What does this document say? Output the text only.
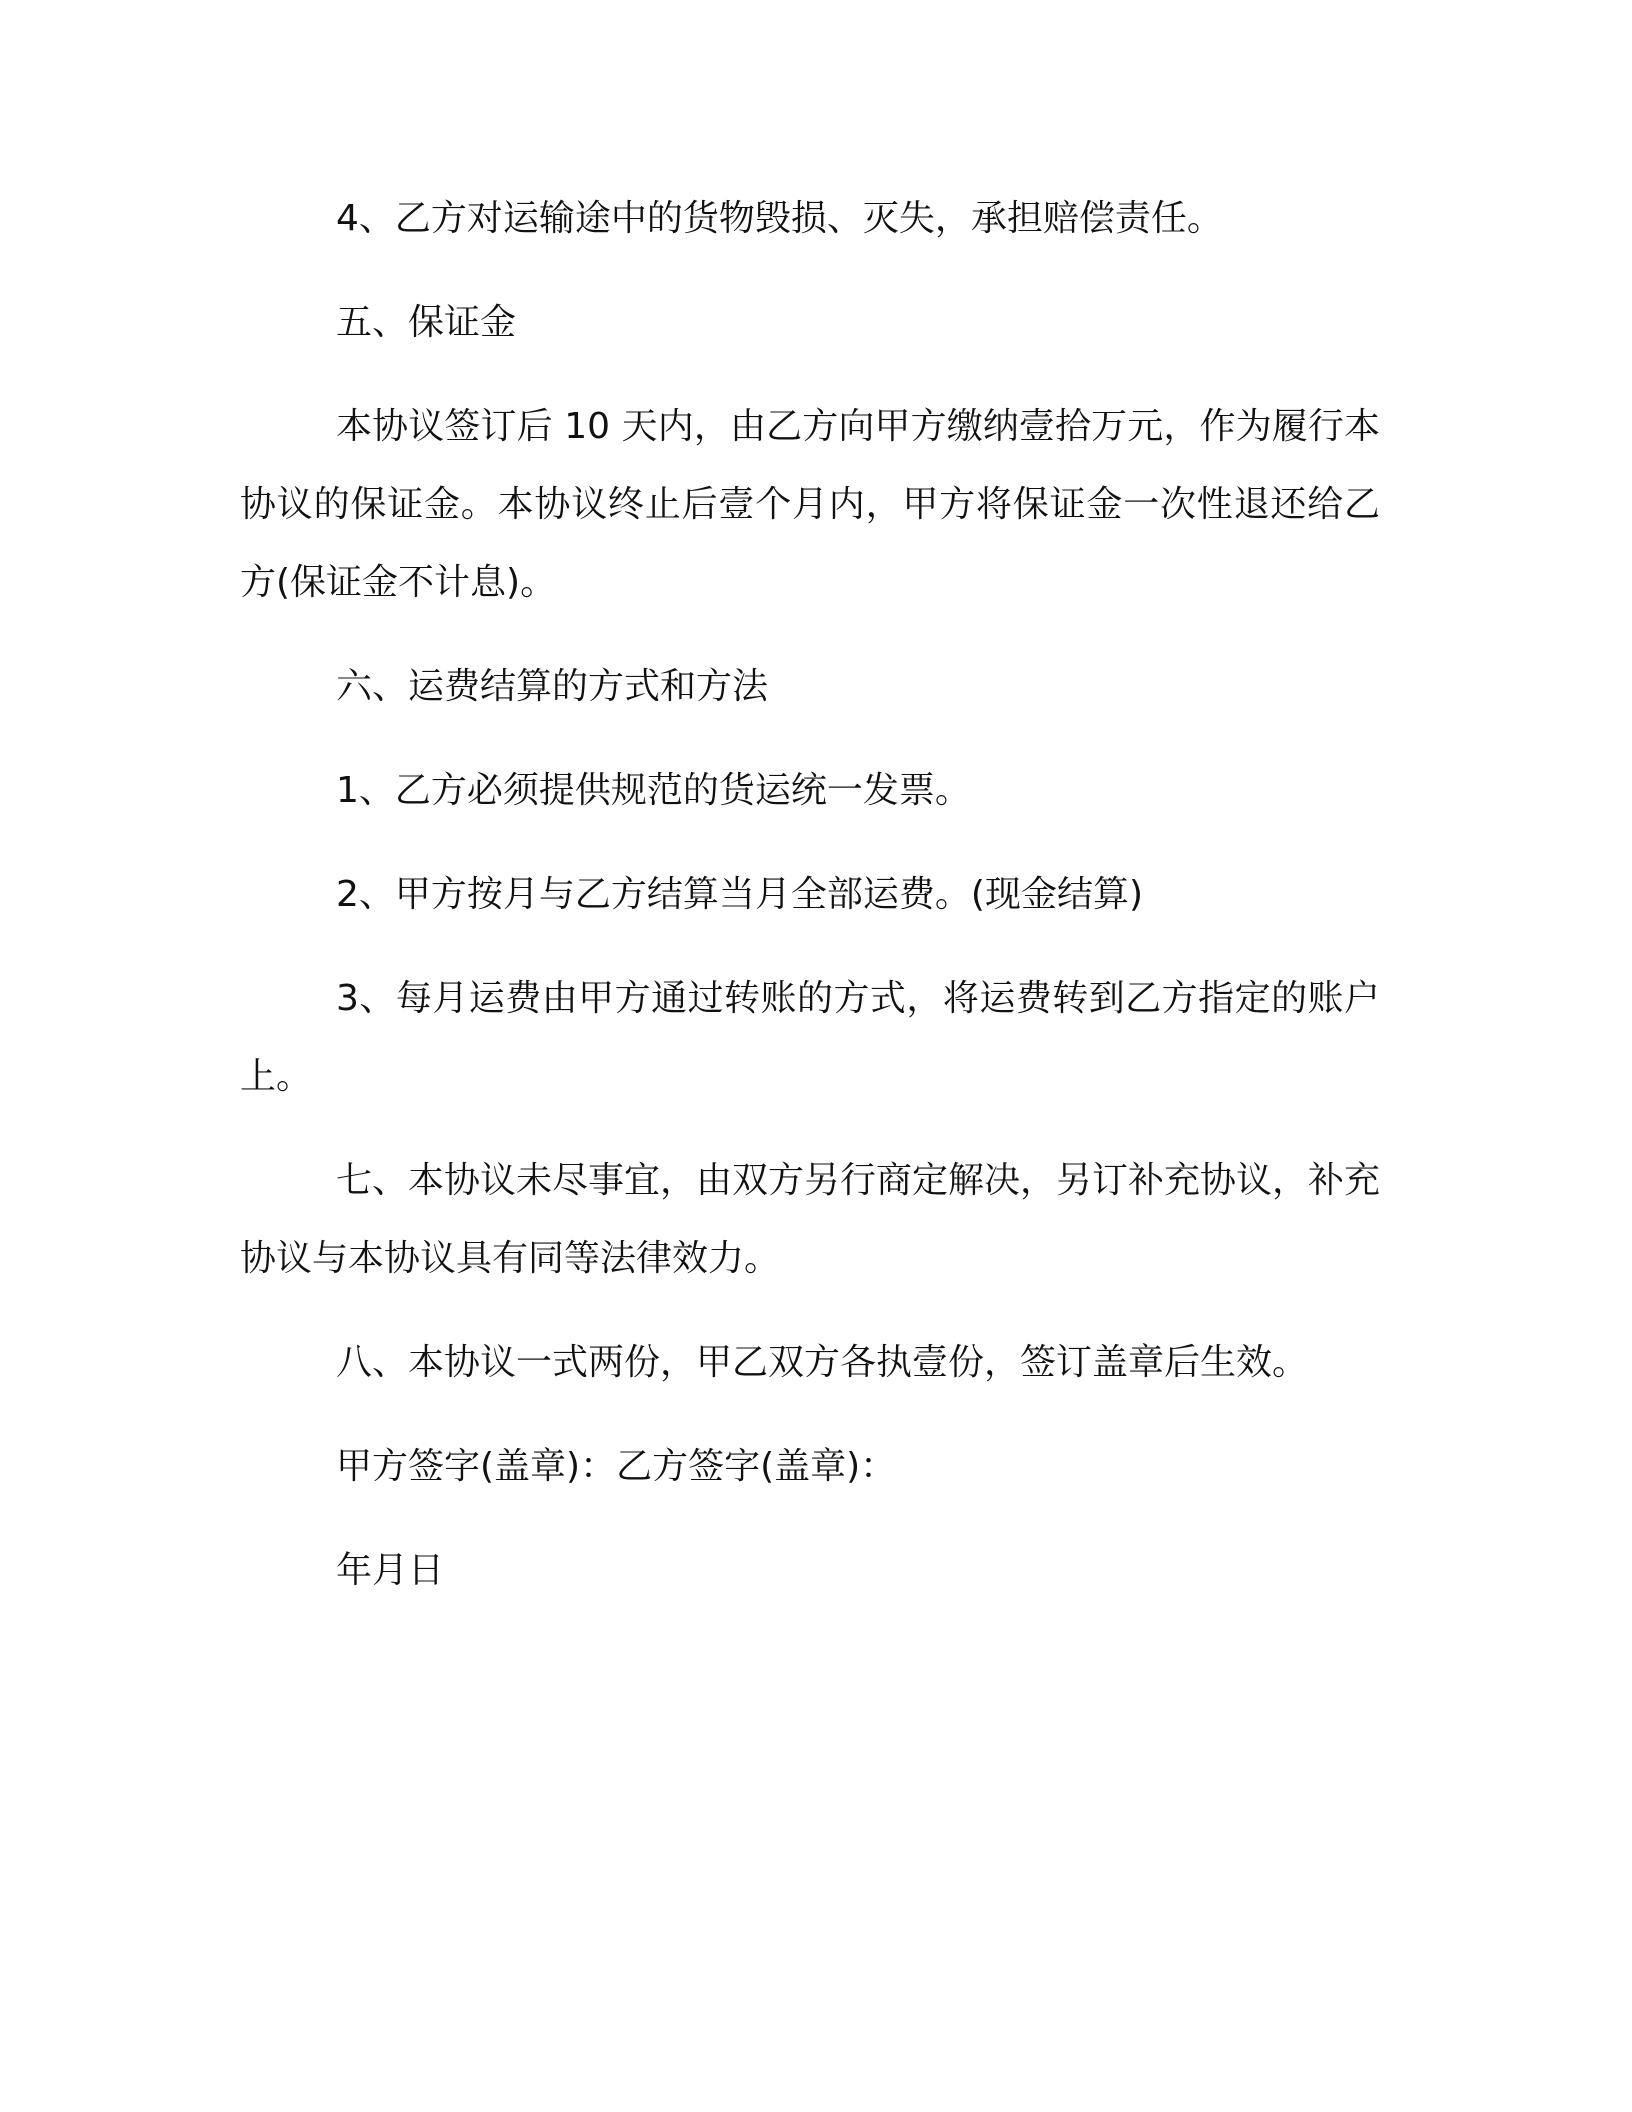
4、乙方对运输途中的货物毁损、灭失，承担赔偿责任。

五、保证金

本协议签订后 10 天内，由乙方向甲方缴纳壹拾万元，作为履行本协议的保证金。本协议终止后壹个月内，甲方将保证金一次性退还给乙方(保证金不计息)。

六、运费结算的方式和方法

1、乙方必须提供规范的货运统一发票。

2、甲方按月与乙方结算当月全部运费。(现金结算)

3、每月运费由甲方通过转账的方式，将运费转到乙方指定的账户上。

七、本协议未尽事宜，由双方另行商定解决，另订补充协议，补充协议与本协议具有同等法律效力。

八、本协议一式两份，甲乙双方各执壹份，签订盖章后生效。

甲方签字(盖章)：乙方签字(盖章)：

年月日
